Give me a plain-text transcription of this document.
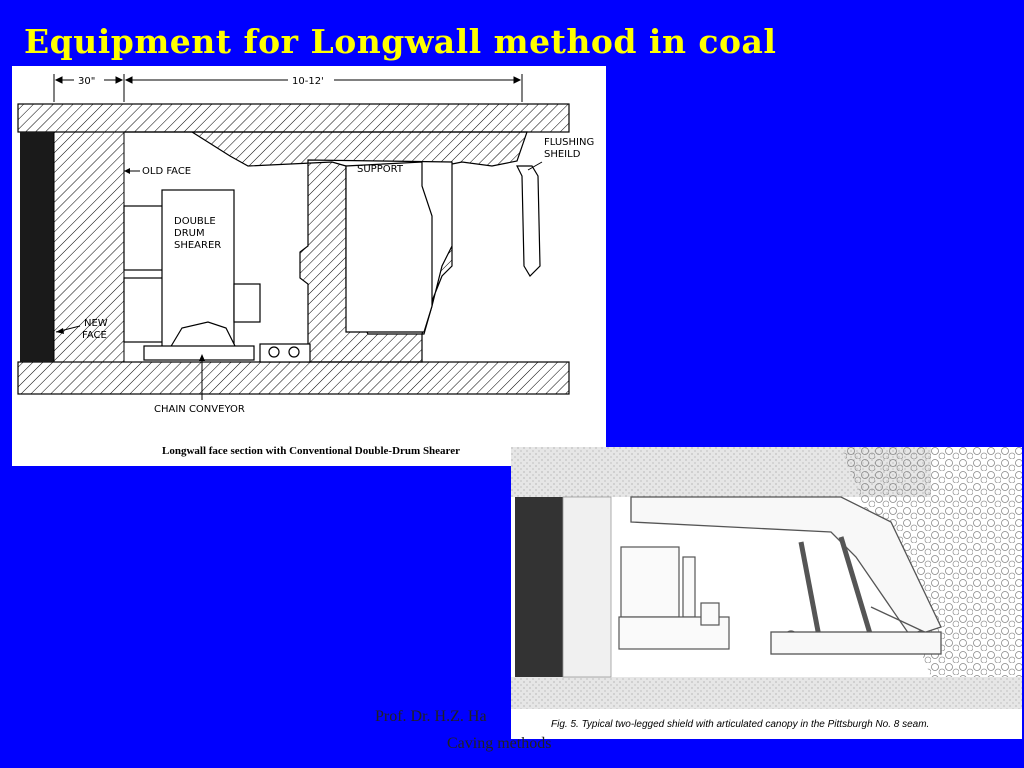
Equipment for Longwall method in coal
30"	10-12'
DOUBLE
DRUM
SHEARER
OLD FACE	SUPPORT
FLUSHING
SHEILD
NEW
FACE
CHAIN CONVEYOR
Longwall face section with Conventional Double-Drum Shearer
Fig. 5. Typical two-legged shield with articulated canopy in the Pittsburgh No. 8 seam.
Prof. Dr. H.Z. Ha
Caving methods
